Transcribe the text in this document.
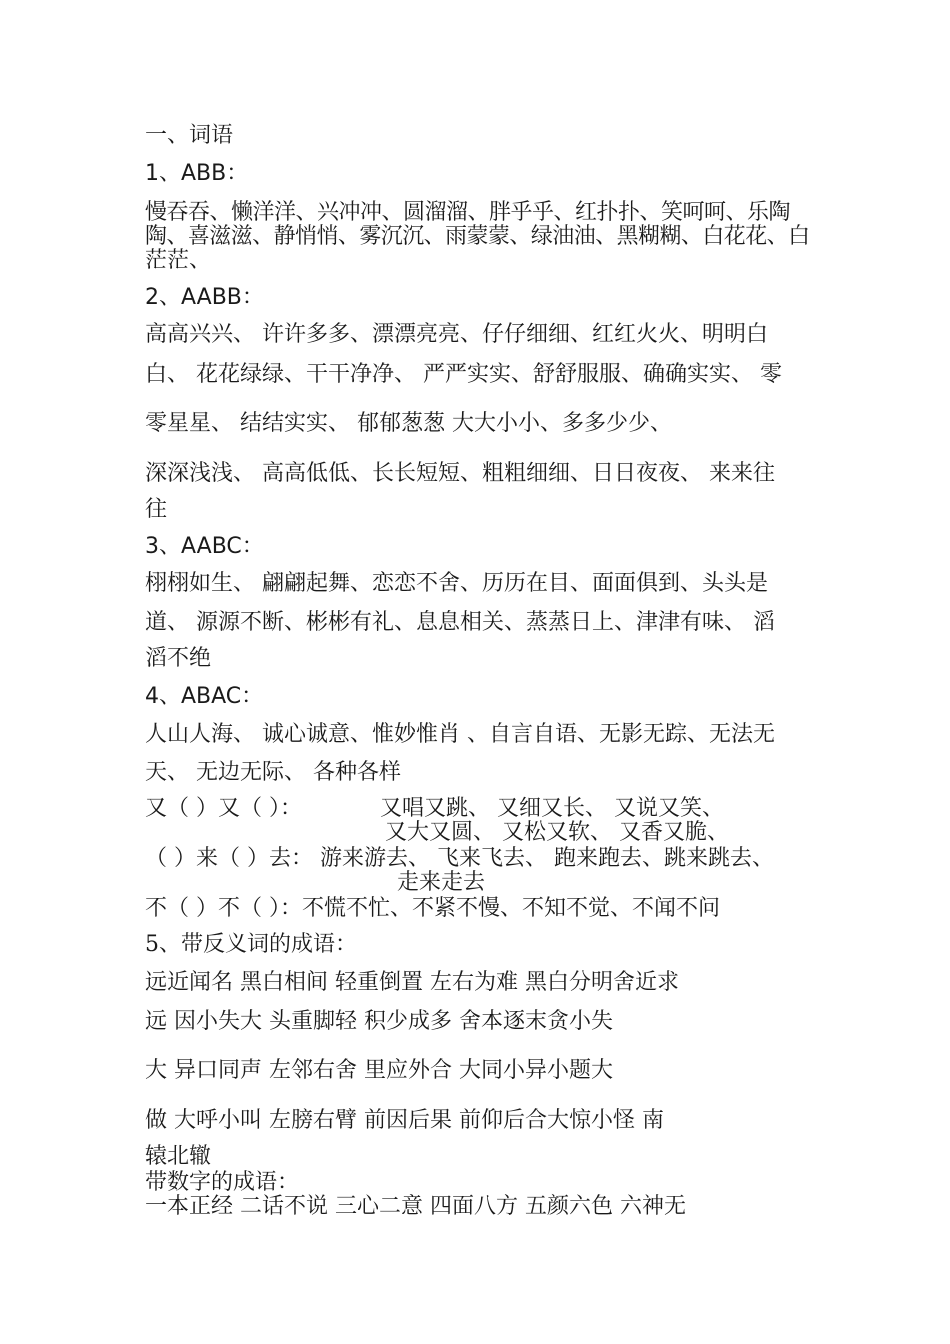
一、词语
1、ABB：
慢吞吞、懒洋洋、兴冲冲、圆溜溜、胖乎乎、红扑扑、笑呵呵、乐陶
陶、喜滋滋、静悄悄、雾沉沉、雨蒙蒙、绿油油、黑糊糊、白花花、白
茫茫、
2、AABB：
高高兴兴、 许许多多、漂漂亮亮、仔仔细细、红红火火、明明白
白、 花花绿绿、干干净净、 严严实实、舒舒服服、确确实实、 零
零星星、 结结实实、 郁郁葱葱 大大小小、多多少少、
深深浅浅、 高高低低、长长短短、粗粗细细、日日夜夜、 来来往
往
3、AABC：
栩栩如生、 翩翩起舞、恋恋不舍、历历在目、面面俱到、头头是
道、 源源不断、彬彬有礼、息息相关、蒸蒸日上、津津有味、 滔
滔不绝
4、ABAC：
人山人海、 诚心诚意、惟妙惟肖 、自言自语、无影无踪、无法无
天、 无边无际、 各种各样
又（ ）又（ ）：	又唱又跳、 又细又长、 又说又笑、
又大又圆、 又松又软、 又香又脆、
（ ）来（ ）去： 游来游去、 飞来飞去、 跑来跑去、跳来跳去、
走来走去
不（ ）不（ ）：不慌不忙、不紧不慢、不知不觉、不闻不问
5、带反义词的成语：
远近闻名 黑白相间 轻重倒置 左右为难 黑白分明舍近求
远 因小失大 头重脚轻 积少成多 舍本逐末贪小失
大 异口同声 左邻右舍 里应外合 大同小异小题大
做 大呼小叫 左膀右臂 前因后果 前仰后合大惊小怪 南
辕北辙
带数字的成语：
一本正经 二话不说 三心二意 四面八方 五颜六色 六神无
